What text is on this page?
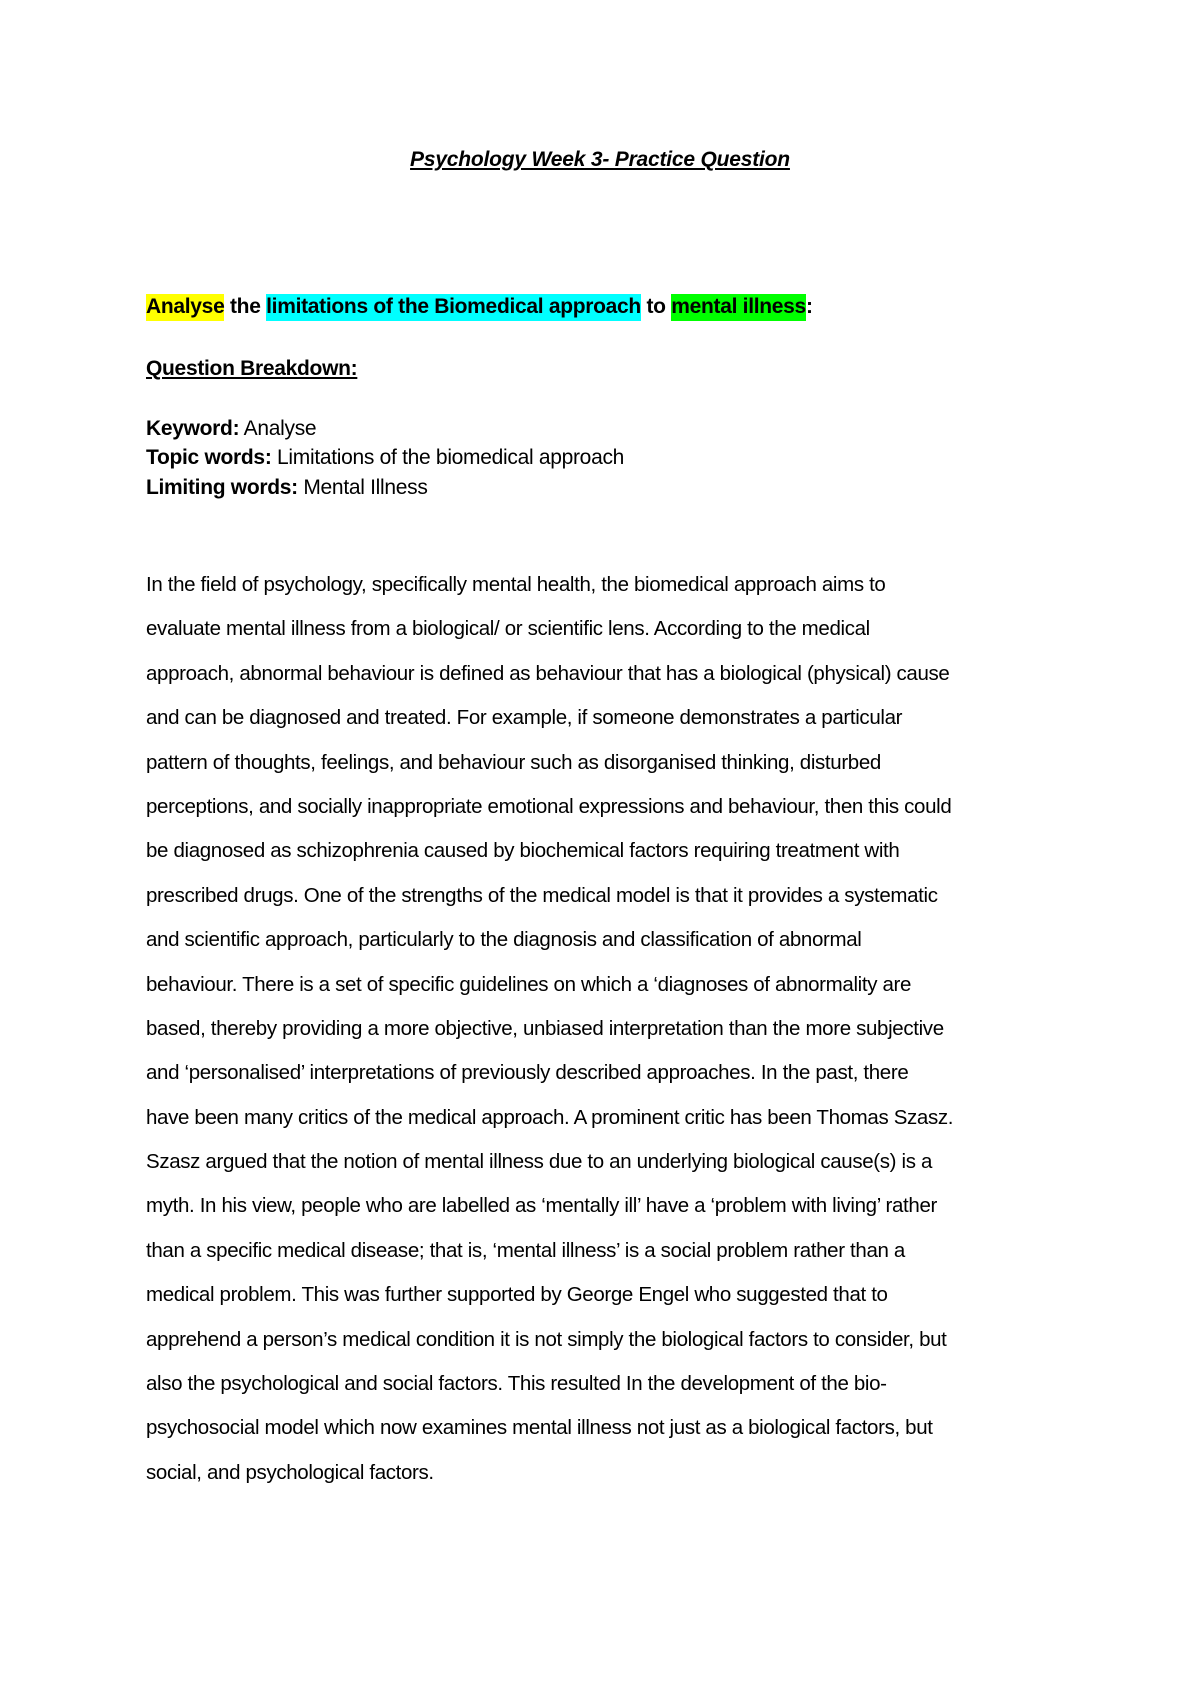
Psychology Week 3- Practice Question
Analyse the limitations of the Biomedical approach to mental illness:
Question Breakdown:
Keyword: Analyse
Topic words: Limitations of the biomedical approach
Limiting words: Mental Illness
In the field of psychology, specifically mental health, the biomedical approach aims to
evaluate mental illness from a biological/ or scientific lens. According to the medical
approach, abnormal behaviour is defined as behaviour that has a biological (physical) cause
and can be diagnosed and treated. For example, if someone demonstrates a particular
pattern of thoughts, feelings, and behaviour such as disorganised thinking, disturbed
perceptions, and socially inappropriate emotional expressions and behaviour, then this could
be diagnosed as schizophrenia caused by biochemical factors requiring treatment with
prescribed drugs. One of the strengths of the medical model is that it provides a systematic
and scientific approach, particularly to the diagnosis and classification of abnormal
behaviour. There is a set of specific guidelines on which a ‘diagnoses of abnormality are
based, thereby providing a more objective, unbiased interpretation than the more subjective
and ‘personalised’ interpretations of previously described approaches. In the past, there
have been many critics of the medical approach. A prominent critic has been Thomas Szasz.
Szasz argued that the notion of mental illness due to an underlying biological cause(s) is a
myth. In his view, people who are labelled as ‘mentally ill’ have a ‘problem with living’ rather
than a specific medical disease; that is, ‘mental illness’ is a social problem rather than a
medical problem. This was further supported by George Engel who suggested that to
apprehend a person’s medical condition it is not simply the biological factors to consider, but
also the psychological and social factors. This resulted In the development of the bio-
psychosocial model which now examines mental illness not just as a biological factors, but
social, and psychological factors.
